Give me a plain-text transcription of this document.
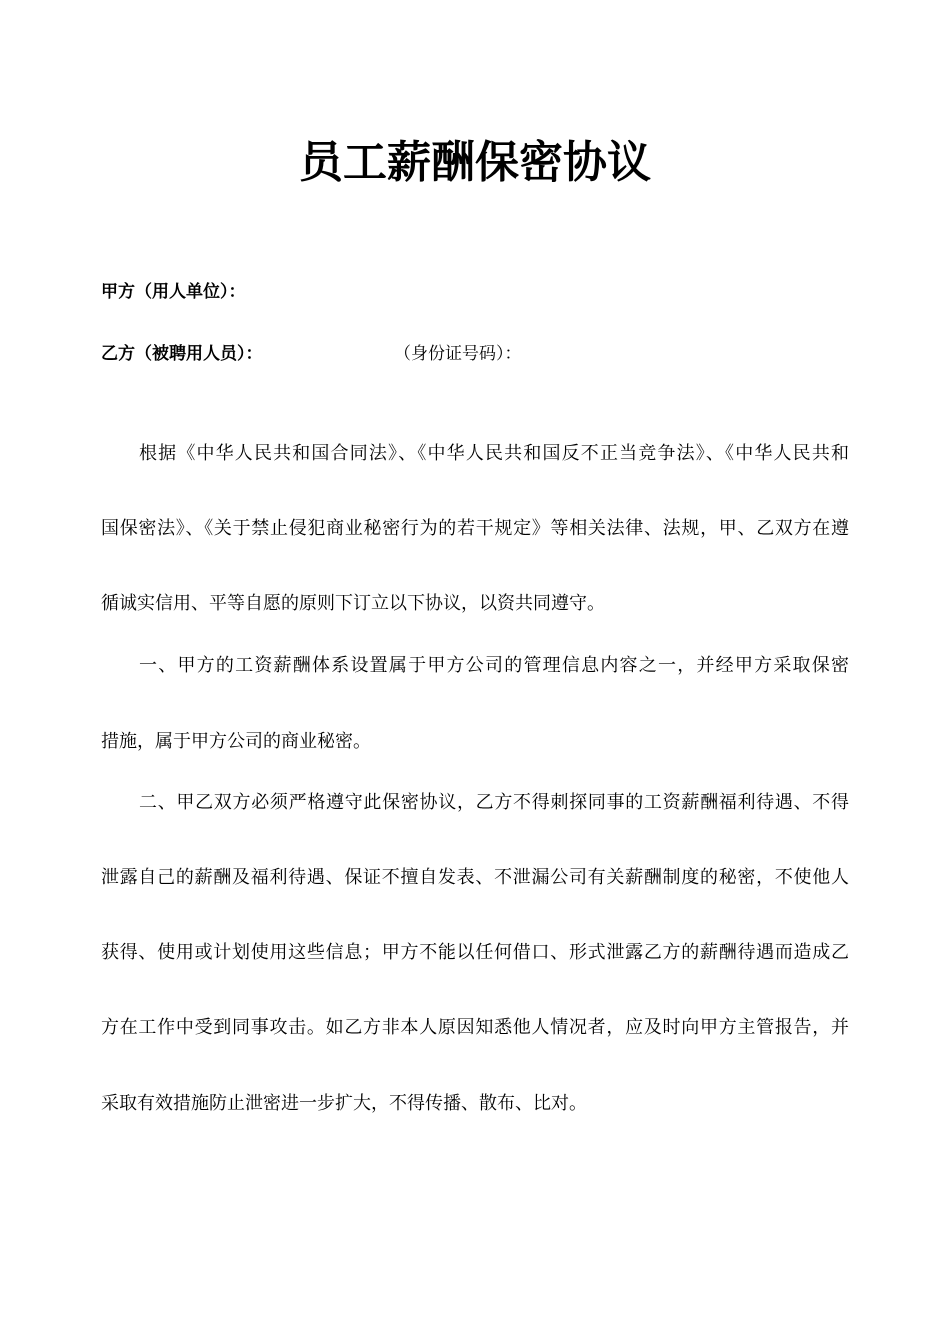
员工薪酬保密协议
甲方（用人单位）：
乙方（被聘用人员）：	（身份证号码）：
根据《中华人民共和国合同法》、《中华人民共和国反不正当竞争法》、《中华人民共和
国保密法》、《关于禁止侵犯商业秘密行为的若干规定》等相关法律、法规，甲、乙双方在遵
循诚实信用、平等自愿的原则下订立以下协议，以资共同遵守。
一、甲方的工资薪酬体系设置属于甲方公司的管理信息内容之一，并经甲方采取保密
措施，属于甲方公司的商业秘密。
二、甲乙双方必须严格遵守此保密协议，乙方不得刺探同事的工资薪酬福利待遇、不得
泄露自己的薪酬及福利待遇、保证不擅自发表、不泄漏公司有关薪酬制度的秘密，不使他人
获得、使用或计划使用这些信息；甲方不能以任何借口、形式泄露乙方的薪酬待遇而造成乙
方在工作中受到同事攻击。如乙方非本人原因知悉他人情况者，应及时向甲方主管报告，并
采取有效措施防止泄密进一步扩大，不得传播、散布、比对。
